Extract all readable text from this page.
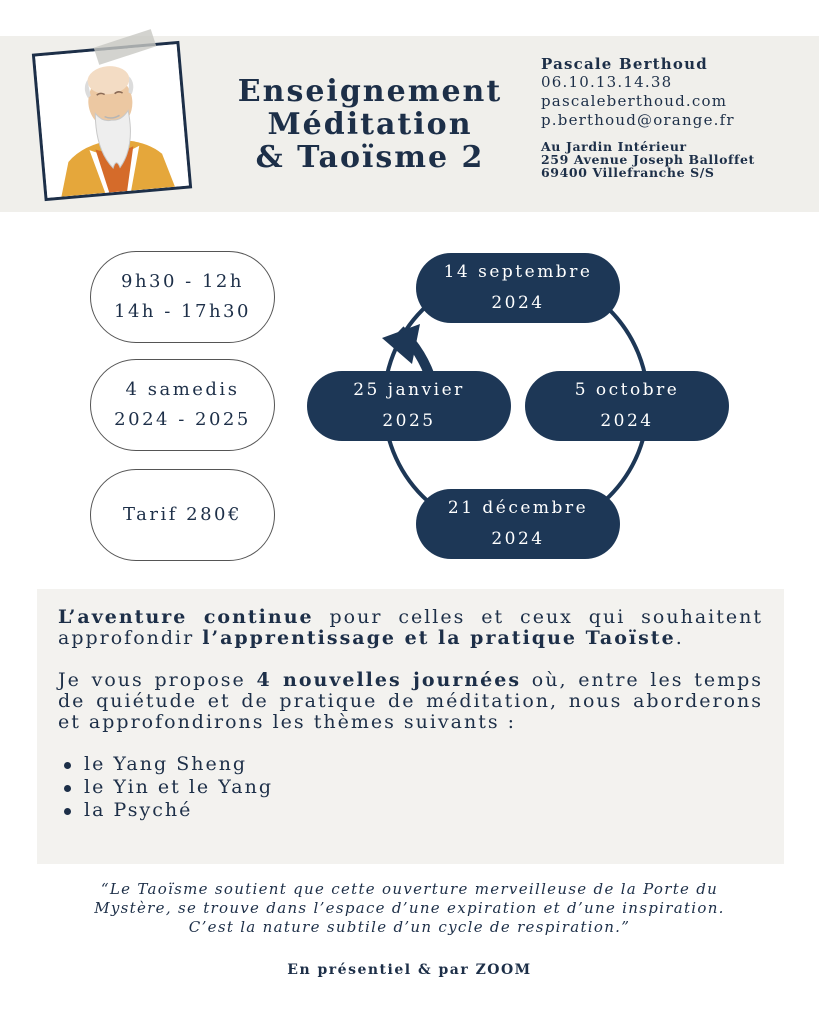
Enseignement
Méditation
& Taoïsme 2
Pascale Berthoud
06.10.13.14.38
pascaleberthoud.com
p.berthoud@orange.fr
Au Jardin Intérieur
259 Avenue Joseph Balloffet
69400 Villefranche S/S
9h30 - 12h
14h - 17h30
4 samedis
2024 - 2025
Tarif 280€
14 septembre
2024
5 octobre
2024
21 décembre
2024
25 janvier
2025

L’aventure continue pour celles et ceux qui souhaitent approfondir l’apprentissage et la pratique Taoïste.

Je vous propose 4 nouvelles journées où, entre les temps de quiétude et de pratique de méditation, nous aborderons et approfondirons les thèmes suivants :

le Yang Sheng
le Yin et le Yang
la Psyché
“Le Taoïsme soutient que cette ouverture merveilleuse de la Porte du
Mystère, se trouve dans l’espace d’une expiration et d’une inspiration.
C’est la nature subtile d’un cycle de respiration.”
En présentiel & par ZOOM
